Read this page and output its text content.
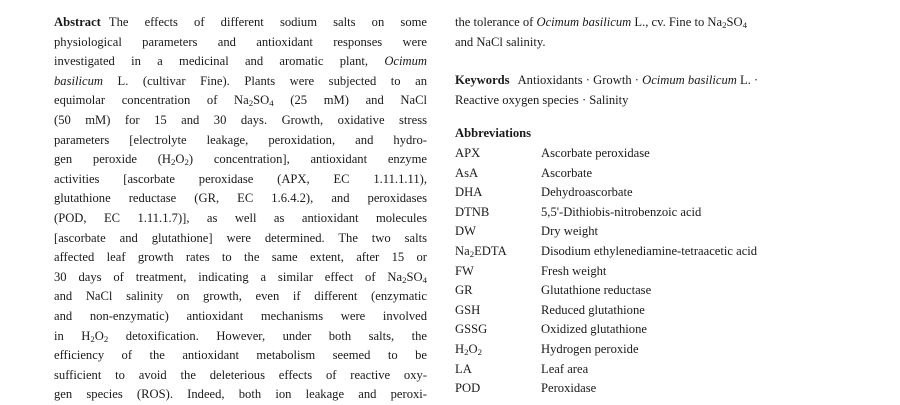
Abstract The effects of different sodium salts on some
physiological parameters and antioxidant responses were
investigated in a medicinal and aromatic plant, Ocimum
basilicum L. (cultivar Fine). Plants were subjected to an
equimolar concentration of $Na_2SO_4$ (25 mM) and NaCl
(50 mM) for 15 and 30 days. Growth, oxidative stress
parameters [electrolyte leakage, peroxidation, and hydro-
gen peroxide $(H_2O_2)$ concentration], antioxidant enzyme
activities [ascorbate peroxidase (APX, EC 1.11.1.11),
glutathione reductase (GR, EC 1.6.4.2), and peroxidases
(POD, EC 1.11.1.7)], as well as antioxidant molecules
[ascorbate and glutathione] were determined. The two salts
affected leaf growth rates to the same extent, after 15 or
30 days of treatment, indicating a similar effect of $Na_2SO_4$
and NaCl salinity on growth, even if different (enzymatic
and non-enzymatic) antioxidant mechanisms were involved
in $H_2O_2$ detoxification. However, under both salts, the
efficiency of the antioxidant metabolism seemed to be
sufficient to avoid the deleterious effects of reactive oxy-
gen species (ROS). Indeed, both ion leakage and peroxi-
the tolerance of Ocimum basilicum L., cv. Fine to $Na_2SO_4$
and NaCl salinity.
Keywords Antioxidants · Growth · Ocimum basilicum L. ·
Reactive oxygen species · Salinity
Abbreviations
APX	Ascorbate peroxidase
AsA	Ascorbate
DHA	Dehydroascorbate
DTNB	5,5'-Dithiobis-nitrobenzoic acid
DW	Dry weight
$Na_2EDTA$	Disodium ethylenediamine-tetraacetic acid
FW	Fresh weight
GR	Glutathione reductase
GSH	Reduced glutathione
GSSG	Oxidized glutathione
$H_2O_2$	Hydrogen peroxide
LA	Leaf area
POD	Peroxidase
